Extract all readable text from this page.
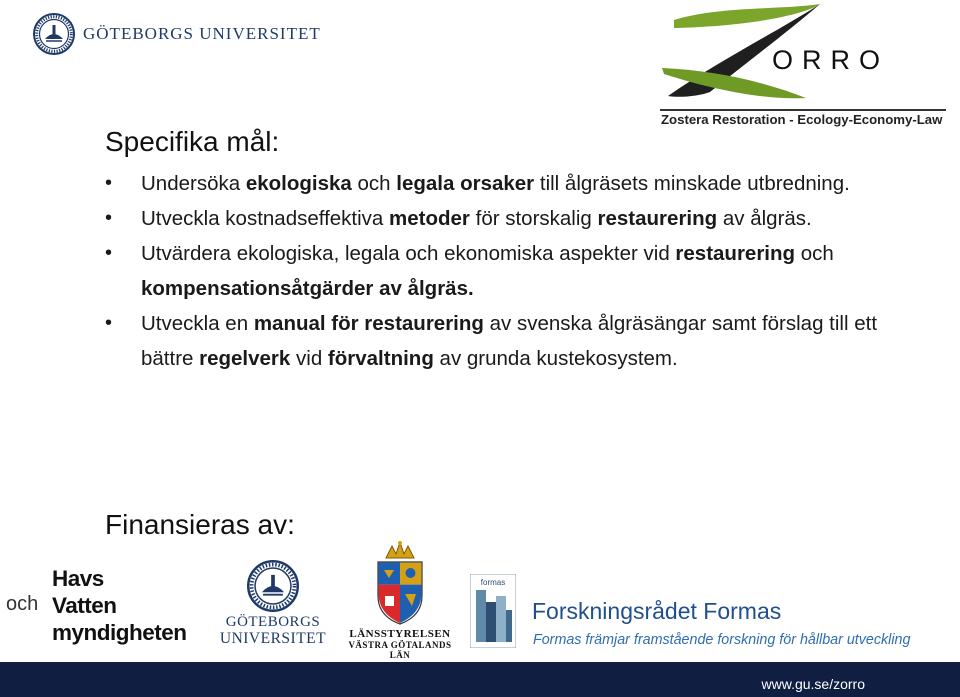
GÖTEBORGS UNIVERSITET
ORRO
Zostera Restoration - Ecology-Economy-Law
Specifika mål:
• Undersöka ekologiska och legala orsaker till ålgräsets minskade utbredning.
• Utveckla kostnadseffektiva metoder för storskalig restaurering av ålgräs.
• Utvärdera ekologiska, legala och ekonomiska aspekter vid restaurering och kompensationsåtgärder av ålgräs.
• Utveckla en manual för restaurering av svenska ålgräsängar samt förslag till ett bättre regelverk vid förvaltning av grunda kustekosystem.
Finansieras av:
och
Havs
Vatten
myndigheten	GÖTEBORGS
UNIVERSITET	LÄNSSTYRELSEN
VÄSTRA GÖTALANDS LÄN
formas
Forskningsrådet Formas
Formas främjar framstående forskning för hållbar utveckling
www.gu.se/zorro
